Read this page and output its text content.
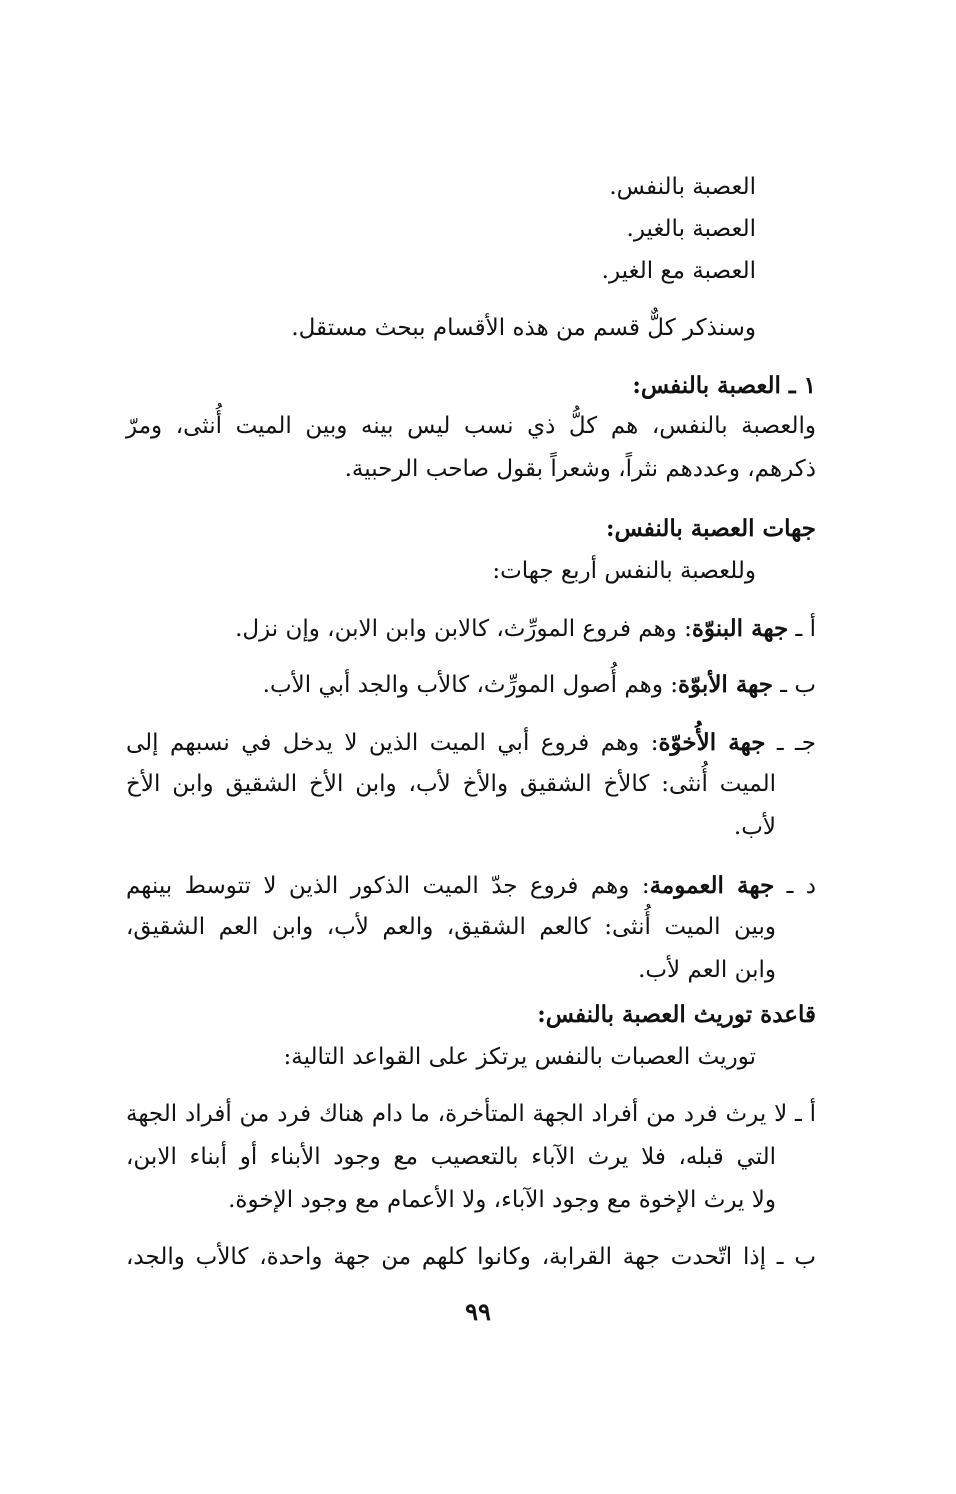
العصبة بالنفس.
العصبة بالغير.
العصبة مع الغير.
وسنذكر كلٌّ قسم من هذه الأقسام ببحث مستقل.
١ ـ العصبة بالنفس:
والعصبة بالنفس، هم كلُّ ذي نسب ليس بينه وبين الميت أُنثى، ومرّ
ذكرهم، وعددهم نثراً، وشعراً بقول صاحب الرحبية.
جهات العصبة بالنفس:
وللعصبة بالنفس أربع جهات:
أ ـ جهة البنوّة: وهم فروع المورِّث، كالابن وابن الابن، وإن نزل.
ب ـ جهة الأبوّة: وهم أُصول المورِّث، كالأب والجد أبي الأب.
جـ ـ جهة الأُخوّة: وهم فروع أبي الميت الذين لا يدخل في نسبهم إلى
الميت أُنثى: كالأخ الشقيق والأخ لأب، وابن الأخ الشقيق وابن الأخ
لأب.
د ـ جهة العمومة: وهم فروع جدّ الميت الذكور الذين لا تتوسط بينهم
وبين الميت أُنثى: كالعم الشقيق، والعم لأب، وابن العم الشقيق،
وابن العم لأب.
قاعدة توريث العصبة بالنفس:
توريث العصبات بالنفس يرتكز على القواعد التالية:
أ ـ لا يرث فرد من أفراد الجهة المتأخرة، ما دام هناك فرد من أفراد الجهة
التي قبله، فلا يرث الآباء بالتعصيب مع وجود الأبناء أو أبناء الابن،
ولا يرث الإخوة مع وجود الآباء، ولا الأعمام مع وجود الإخوة.
ب ـ إذا اتّحدت جهة القرابة، وكانوا كلهم من جهة واحدة، كالأب والجد،
٩٩
